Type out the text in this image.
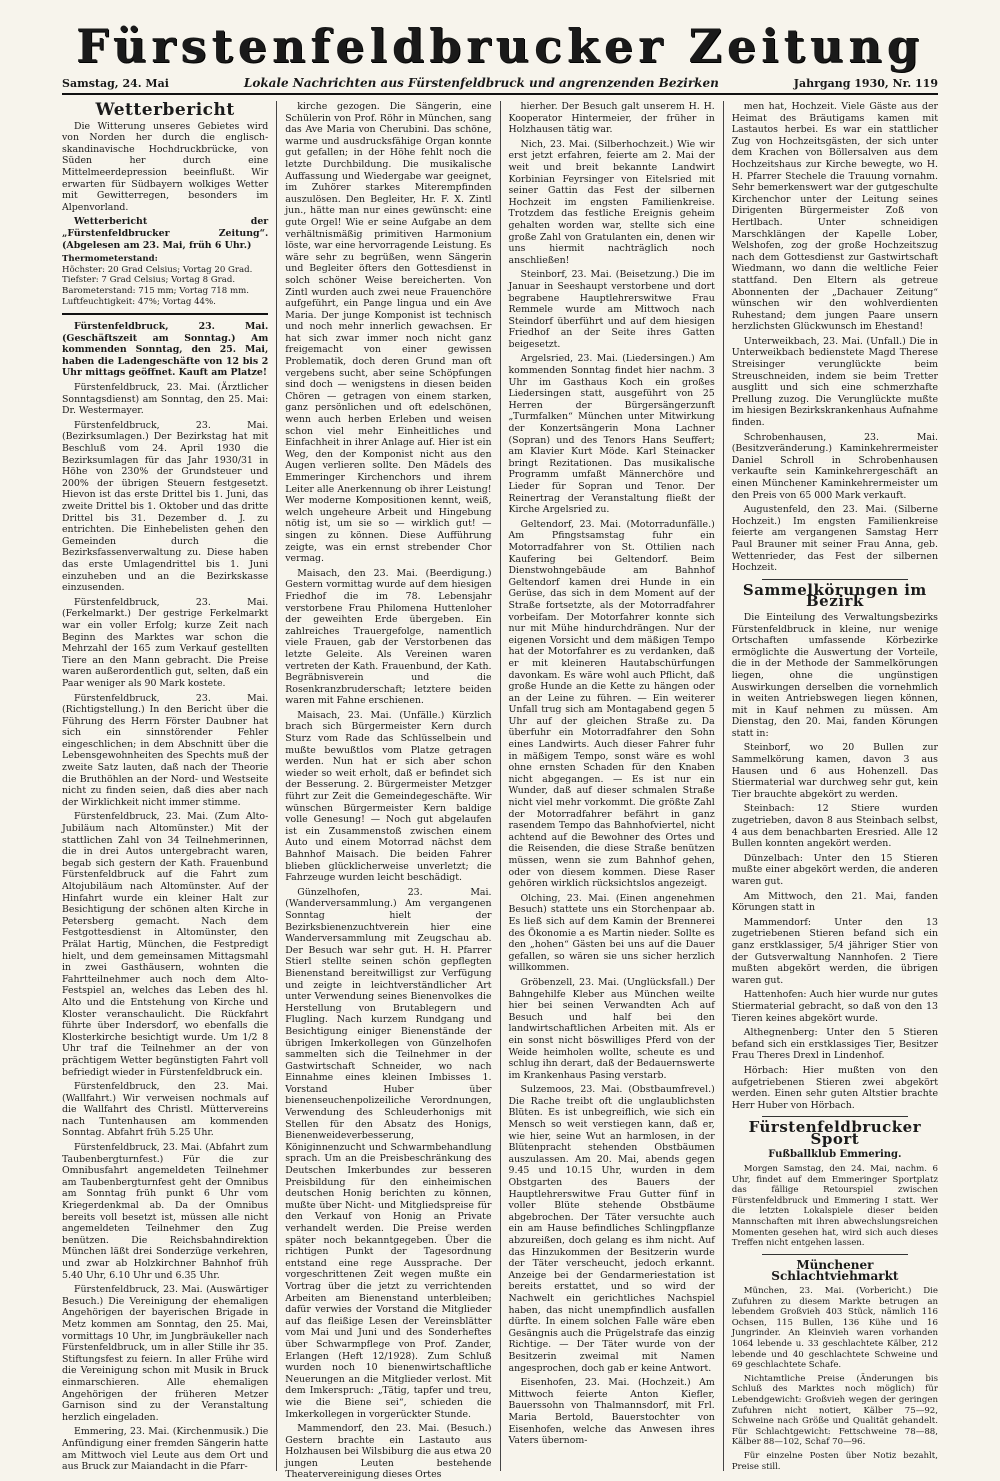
Fürstenfeldbrucker Zeitung
Samstag, 24. Mai	Lokale Nachrichten aus Fürstenfeldbruck und angrenzenden Bezirken	Jahrgang 1930, Nr. 119
Wetterbericht

Die Witterung unseres Gebietes wird von Norden her durch die englisch-skandinavische Hochdruckbrücke, von Süden her durch eine Mittelmeerdepression beeinflußt. Wir erwarten für Südbayern wolkiges Wetter mit Gewitterregen, besonders im Alpenvorland.

Wetterbericht der „Fürstenfeldbrucker Zeitung“. (Abgelesen am 23. Mai, früh 6 Uhr.)

Thermometerstand:
Höchster: 20 Grad Celsius; Vortag 20 Grad.
Tiefster: 7 Grad Celsius; Vortag 8 Grad.
Barometerstand: 715 mm; Vortag 718 mm.
Luftfeuchtigkeit: 47%; Vortag 44%.

Fürstenfeldbruck, 23. Mai. (Geschäftszeit am Sonntag.) Am kommenden Sonntag, den 25. Mai, haben die Ladengeschäfte von 12 bis 2 Uhr mittags geöffnet. Kauft am Platze!

Fürstenfeldbruck, 23. Mai. (Ärztlicher Sonntagsdienst) am Sonntag, den 25. Mai: Dr. Westermayer.

Fürstenfeldbruck, 23. Mai. (Bezirksumlagen.) Der Bezirkstag hat mit Beschluß vom 24. April 1930 die Bezirksumlagen für das Jahr 1930/31 in Höhe von 230% der Grundsteuer und 200% der übrigen Steuern festgesetzt. Hievon ist das erste Drittel bis 1. Juni, das zweite Drittel bis 1. Oktober und das dritte Drittel bis 31. Dezember d. J. zu entrichten. Die Einhebelisten gehen den Gemeinden durch die Bezirksfassenverwaltung zu. Diese haben das erste Umlagendrittel bis 1. Juni einzuheben und an die Bezirkskasse einzusenden.

Fürstenfeldbruck, 23. Mai. (Ferkelmarkt.) Der gestrige Ferkelmarkt war ein voller Erfolg; kurze Zeit nach Beginn des Marktes war schon die Mehrzahl der 165 zum Verkauf gestellten Tiere an den Mann gebracht. Die Preise waren außerordentlich gut, selten, daß ein Paar weniger als 90 Mark kostete.

Fürstenfeldbruck, 23. Mai. (Richtigstellung.) In den Bericht über die Führung des Herrn Förster Daubner hat sich ein sinnstörender Fehler eingeschlichen; in dem Abschnitt über die Lebensgewohnheiten des Spechts muß der zweite Satz lauten, daß nach der Theorie die Bruthöhlen an der Nord- und Westseite nicht zu finden seien, daß dies aber nach der Wirklichkeit nicht immer stimme.

Fürstenfeldbruck, 23. Mai. (Zum Alto-Jubiläum nach Altomünster.) Mit der stattlichen Zahl von 34 Teilnehmerinnen, die in drei Autos untergebracht waren, begab sich gestern der Kath. Frauenbund Fürstenfeldbruck auf die Fahrt zum Altojubiläum nach Altomünster. Auf der Hinfahrt wurde ein kleiner Halt zur Besichtigung der schönen alten Kirche in Petersberg gemacht. Nach dem Festgottesdienst in Altomünster, den Prälat Hartig, München, die Festpredigt hielt, und dem gemeinsamen Mittagsmahl in zwei Gasthäusern, wohnten die Fahrtteilnehmer auch noch dem Alto-Festspiel an, welches das Leben des hl. Alto und die Entstehung von Kirche und Kloster veranschaulicht. Die Rückfahrt führte über Indersdorf, wo ebenfalls die Klosterkirche besichtigt wurde. Um 1/2 8 Uhr traf die Teilnehmer an der von prächtigem Wetter begünstigten Fahrt voll befriedigt wieder in Fürstenfeldbruck ein.

Fürstenfeldbruck, den 23. Mai. (Wallfahrt.) Wir verweisen nochmals auf die Wallfahrt des Christl. Müttervereins nach Tuntenhausen am kommenden Sonntag. Abfahrt früh 5.25 Uhr.

Fürstenfeldbruck, 23. Mai. (Abfahrt zum Taubenbergturnfest.) Für die zur Omnibusfahrt angemeldeten Teilnehmer am Taubenbergturnfest geht der Omnibus am Sonntag früh punkt 6 Uhr vom Kriegerdenkmal ab. Da der Omnibus bereits voll besetzt ist, müssen alle nicht angemeldeten Teilnehmer den Zug benützen. Die Reichsbahndirektion München läßt drei Sonderzüge verkehren, und zwar ab Holzkirchner Bahnhof früh 5.40 Uhr, 6.10 Uhr und 6.35 Uhr.

Fürstenfeldbruck, 23. Mai. (Auswärtiger Besuch.) Die Vereinigung der ehemaligen Angehörigen der bayerischen Brigade in Metz kommen am Sonntag, den 25. Mai, vormittags 10 Uhr, im Jungbräukeller nach Fürstenfeldbruck, um in aller Stille ihr 35. Stiftungsfest zu feiern. In aller Frühe wird die Vereinigung schon mit Musik in Bruck einmarschieren. Alle ehemaligen Angehörigen der früheren Metzer Garnison sind zu der Veranstaltung herzlich eingeladen.

Emmering, 23. Mai. (Kirchenmusik.) Die Anfündigung einer fremden Sängerin hatte am Mittwoch viel Leute aus dem Ort und aus Bruck zur Maiandacht in die Pfarr-

kirche gezogen. Die Sängerin, eine Schülerin von Prof. Röhr in München, sang das Ave Maria von Cherubini. Das schöne, warme und ausdrucksfähige Organ konnte gut gefallen; in der Höhe fehlt noch die letzte Durchbildung. Die musikalische Auffassung und Wiedergabe war geeignet, im Zuhörer starkes Miterempfinden auszulösen. Den Begleiter, Hr. F. X. Zintl jun., hätte man nur eines gewünscht: eine gute Orgel! Wie er seine Aufgabe an dem verhältnismäßig primitiven Harmonium löste, war eine hervorragende Leistung. Es wäre sehr zu begrüßen, wenn Sängerin und Begleiter öfters den Gottesdienst in solch schöner Weise bereicherten. Von Zintl wurden auch zwei neue Frauenchöre aufgeführt, ein Pange lingua und ein Ave Maria. Der junge Komponist ist technisch und noch mehr innerlich gewachsen. Er hat sich zwar immer noch nicht ganz freigemacht von einer gewissen Problematik, doch deren Grund man oft vergebens sucht, aber seine Schöpfungen sind doch — wenigstens in diesen beiden Chören — getragen von einem starken, ganz persönlichen und oft edelschönen, wenn auch herben Erleben und weisen schon viel mehr Einheitliches und Einfachheit in ihrer Anlage auf. Hier ist ein Weg, den der Komponist nicht aus den Augen verlieren sollte. Den Mädels des Emmeringer Kirchenchors und ihrem Leiter alle Anerkennung ob ihrer Leistung! Wer moderne Kompositionen kennt, weiß, welch ungeheure Arbeit und Hingebung nötig ist, um sie so — wirklich gut! — singen zu können. Diese Aufführung zeigte, was ein ernst strebender Chor vermag.

Maisach, den 23. Mai. (Beerdigung.) Gestern vormittag wurde auf dem hiesigen Friedhof die im 78. Lebensjahr verstorbene Frau Philomena Huttenloher der geweihten Erde übergeben. Ein zahlreiches Trauergefolge, namentlich viele Frauen, gab der Verstorbenen das letzte Geleite. Als Vereinen waren vertreten der Kath. Frauenbund, der Kath. Begräbnisverein und die Rosenkranzbruderschaft; letztere beiden waren mit Fahne erschienen.

Maisach, 23. Mai. (Unfälle.) Kürzlich brach sich Bürgermeister Kern durch Sturz vom Rade das Schlüsselbein und mußte bewußtlos vom Platze getragen werden. Nun hat er sich aber schon wieder so weit erholt, daß er befindet sich der Besserung. 2. Bürgermeister Metzger führt zur Zeit die Gemeindegeschäfte. Wir wünschen Bürgermeister Kern baldige volle Genesung! — Noch gut abgelaufen ist ein Zusammenstoß zwischen einem Auto und einem Motorrad nächst dem Bahnhof Maisach. Die beiden Fahrer blieben glücklicherweise unverletzt; die Fahrzeuge wurden leicht beschädigt.

Günzelhofen, 23. Mai. (Wanderversammlung.) Am vergangenen Sonntag hielt der Bezirksbienenzuchtverein hier eine Wanderversammlung mit Zeugschau ab. Der Besuch war sehr gut. H. H. Pfarrer Stierl stellte seinen schön gepflegten Bienenstand bereitwilligst zur Verfügung und zeigte in leichtverständlicher Art unter Verwendung seines Bienenvolkes die Herstellung von Brutablegern und Flugling. Nach kurzem Rundgang und Besichtigung einiger Bienenstände der übrigen Imkerkollegen von Günzelhofen sammelten sich die Teilnehmer in der Gastwirtschaft Schneider, wo nach Einnahme eines kleinen Imbisses 1. Vorstand Huber über bienenseuchenpolizeiliche Verordnungen, Verwendung des Schleuderhonigs mit Stellen für den Absatz des Honigs, Bienenweideverbesserung, Königinnenzucht und Schwarmbehandlung sprach. Um an die Preisbeschränkung des Deutschen Imkerbundes zur besseren Preisbildung für den einheimischen deutschen Honig berichten zu können, mußte über Nicht- und Mitgliedspreise für den Verkauf von Honig an Private verhandelt werden. Die Preise werden später noch bekanntgegeben. Über die richtigen Punkt der Tagesordnung entstand eine rege Aussprache. Der vorgeschrittenen Zeit wegen mußte ein Vortrag über die jetzt zu verrichtenden Arbeiten am Bienenstand unterbleiben; dafür verwies der Vorstand die Mitglieder auf das fleißige Lesen der Vereinsblätter vom Mai und Juni und des Sonderheftes über Schwarmpflege von Prof. Zander, Erlangen (Heft 12/1928). Zum Schluß wurden noch 10 bienenwirtschaftliche Neuerungen an die Mitglieder verlost. Mit dem Imkerspruch: „Tätig, tapfer und treu, wie die Biene sei“, schieden die Imkerkollegen in vorgerückter Stunde.

Mammendorf, den 23. Mai. (Besuch.) Gestern brachte ein Lastauto aus Holzhausen bei Wilsbiburg die aus etwa 20 jungen Leuten bestehende Theatervereinigung dieses Ortes

hierher. Der Besuch galt unserem H. H. Kooperator Hintermeier, der früher in Holzhausen tätig war.

Nich, 23. Mai. (Silberhochzeit.) Wie wir erst jetzt erfahren, feierte am 2. Mai der weit und breit bekannte Landwirt Korbinian Feyrsinger von Eitelsried mit seiner Gattin das Fest der silbernen Hochzeit im engsten Familienkreise. Trotzdem das festliche Ereignis geheim gehalten worden war, stellte sich eine große Zahl von Gratulanten ein, denen wir uns hiermit nachträglich noch anschließen!

Steinborf, 23. Mai. (Beisetzung.) Die im Januar in Seeshaupt verstorbene und dort begrabene Hauptlehrerswitwe Frau Remmele wurde am Mittwoch nach Steindorf überführt und auf dem hiesigen Friedhof an der Seite ihres Gatten beigesetzt.

Argelsried, 23. Mai. (Liedersingen.) Am kommenden Sonntag findet hier nachm. 3 Uhr im Gasthaus Koch ein großes Liedersingen statt, ausgeführt von 25 Herren der Bürgersängerzunft „Turmfalken“ München unter Mitwirkung der Konzertsängerin Mona Lachner (Sopran) und des Tenors Hans Seuffert; am Klavier Kurt Möde. Karl Steinacker bringt Rezitationen. Das musikalische Programm umfaßt Männerchöre und Lieder für Sopran und Tenor. Der Reinertrag der Veranstaltung fließt der Kirche Argelsried zu.

Geltendorf, 23. Mai. (Motorradunfälle.) Am Pfingstsamstag fuhr ein Motorradfahrer von St. Ottilien nach Kaufering bei Geltendorf. Beim Dienstwohngebäude am Bahnhof Geltendorf kamen drei Hunde in ein Gerüse, das sich in dem Moment auf der Straße fortsetzte, als der Motorradfahrer vorbeifam. Der Motorfahrer konnte sich nur mit Mühe hindurchdrängen. Nur der eigenen Vorsicht und dem mäßigen Tempo hat der Motorfahrer es zu verdanken, daß er mit kleineren Hautabschürfungen davonkam. Es wäre wohl auch Pflicht, daß große Hunde an die Kette zu hängen oder an der Leine zu führen. — Ein weiterer Unfall trug sich am Montagabend gegen 5 Uhr auf der gleichen Straße zu. Da überfuhr ein Motorradfahrer den Sohn eines Landwirts. Auch dieser Fahrer fuhr in mäßigem Tempo, sonst wäre es wohl ohne ernsten Schaden für den Knaben nicht abgegangen. — Es ist nur ein Wunder, daß auf dieser schmalen Straße nicht viel mehr vorkommt. Die größte Zahl der Motorradfahrer befährt in ganz rasendem Tempo das Bahnhofviertel, nicht achtend auf die Bewohner des Ortes und die Reisenden, die diese Straße benützen müssen, wenn sie zum Bahnhof gehen, oder von diesem kommen. Diese Raser gehören wirklich rücksichtslos angezeigt.

Olching, 23. Mai. (Einen angenehmen Besuch) stattete uns ein Storchenpaar ab. Es ließ sich auf dem Kamin der Brennerei des Ökonomie a es Martin nieder. Sollte es den „hohen“ Gästen bei uns auf die Dauer gefallen, so wären sie uns sicher herzlich willkommen.

Gröbenzell, 23. Mai. (Unglücksfall.) Der Bahngehilfe Kleber aus München weilte hier bei seinen Verwandten Ach auf Besuch und half bei den landwirtschaftlichen Arbeiten mit. Als er ein sonst nicht böswilliges Pferd von der Weide heimholen wollte, scheute es und schlug ihn derart, daß der Bedauernswerte im Krankenhaus Pasing verstarb.

Sulzemoos, 23. Mai. (Obstbaumfrevel.) Die Rache treibt oft die unglaublichsten Blüten. Es ist unbegreiflich, wie sich ein Mensch so weit verstiegen kann, daß er, wie hier, seine Wut an harmlosen, in der Blütenpracht stehenden Obstbäumen auszulassen. Am 20. Mai, abends gegen 9.45 und 10.15 Uhr, wurden in dem Obstgarten des Bauers der Hauptlehrerswitwe Frau Gutter fünf in voller Blüte stehende Obstbäume abgebrochen. Der Täter versuchte auch ein am Hause befindliches Schlingpflanze abzureißen, doch gelang es ihm nicht. Auf das Hinzukommen der Besitzerin wurde der Täter verscheucht, jedoch erkannt. Anzeige bei der Gendarmeriestation ist bereits erstattet, und so wird der Nachwelt ein gerichtliches Nachspiel haben, das nicht unempfindlich ausfallen dürfte. In einem solchen Falle wäre eben Gesängnis auch die Prügelstrafe das einzig Richtige. — Der Täter wurde von der Besitzerin zweimal mit Namen angesprochen, doch gab er keine Antwort.

Eisenhofen, 23. Mai. (Hochzeit.) Am Mittwoch feierte Anton Kiefler, Bauerssohn von Thalmannsdorf, mit Frl. Maria Bertold, Bauerstochter von Eisenhofen, welche das Anwesen ihres Vaters übernom-

men hat, Hochzeit. Viele Gäste aus der Heimat des Bräutigams kamen mit Lastautos herbei. Es war ein stattlicher Zug von Hochzeitsgästen, der sich unter dem Krachen von Böllersalven aus dem Hochzeitshaus zur Kirche bewegte, wo H. H. Pfarrer Stechele die Trauung vornahm. Sehr bemerkenswert war der gutgeschulte Kirchenchor unter der Leitung seines Dirigenten Bürgermeister Zoß von Hertlbach. Unter schneidigen Marschklängen der Kapelle Lober, Welshofen, zog der große Hochzeitszug nach dem Gottesdienst zur Gastwirtschaft Wiedmann, wo dann die weltliche Feier stattfand. Den Eltern als getreue Abonnenten der „Dachauer Zeitung“ wünschen wir den wohlverdienten Ruhestand; dem jungen Paare unsern herzlichsten Glückwunsch im Ehestand!

Unterweikbach, 23. Mai. (Unfall.) Die in Unterweikbach bedienstete Magd Therese Streisinger verunglückte beim Streuschneiden, indem sie beim Tretter ausglitt und sich eine schmerzhafte Prellung zuzog. Die Verunglückte mußte im hiesigen Bezirkskrankenhaus Aufnahme finden.

Schrobenhausen, 23. Mai. (Besitzveränderung.) Kaminkehrermeister Daniel Schroll in Schrobenhausen verkaufte sein Kaminkehrergeschäft an einen Münchener Kaminkehrermeister um den Preis von 65 000 Mark verkauft.

Augustenfeld, den 23. Mai. (Silberne Hochzeit.) Im engsten Familienkreise feierte am vergangenen Samstag Herr Paul Brauner mit seiner Frau Anna, geb. Wettenrieder, das Fest der silbernen Hochzeit.

Sammelkörungen im Bezirk

Die Einteilung des Verwaltungsbezirks Fürstenfeldbruck in kleine, nur wenige Ortschaften umfassende Körbezirke ermöglichte die Auswertung der Vorteile, die in der Methode der Sammelkörungen liegen, ohne die ungünstigen Auswirkungen derselben die vornehmlich in weiten Antriebswegen liegen können, mit in Kauf nehmen zu müssen. Am Dienstag, den 20. Mai, fanden Körungen statt in:

Steinborf, wo 20 Bullen zur Sammelkörung kamen, davon 3 aus Hausen und 6 aus Hohenzell. Das Stiermaterial war durchweg sehr gut, kein Tier brauchte abgekört zu werden.

Steinbach: 12 Stiere wurden zugetrieben, davon 8 aus Steinbach selbst, 4 aus dem benachbarten Eresried. Alle 12 Bullen konnten angekört werden.

Dünzelbach: Unter den 15 Stieren mußte einer abgekört werden, die anderen waren gut.

Am Mittwoch, den 21. Mai, fanden Körungen statt in

Mammendorf: Unter den 13 zugetriebenen Stieren befand sich ein ganz erstklassiger, 5/4 jähriger Stier von der Gutsverwaltung Nannhofen. 2 Tiere mußten abgekört werden, die übrigen waren gut.

Hattenhofen: Auch hier wurde nur gutes Stiermaterial gebracht, so daß von den 13 Tieren keines abgekört wurde.

Althegnenberg: Unter den 5 Stieren befand sich ein erstklassiges Tier, Besitzer Frau Theres Drexl in Lindenhof.

Hörbach: Hier mußten von den aufgetriebenen Stieren zwei abgekört werden. Einen sehr guten Altstier brachte Herr Huber von Hörbach.

Fürstenfeldbrucker Sport
Fußballklub Emmering.

Morgen Samstag, den 24. Mai, nachm. 6 Uhr, findet auf dem Emmeringer Sportplatz das fällige Retourspiel zwischen Fürstenfeldbruck und Emmering I statt. Wer die letzten Lokalspiele dieser beiden Mannschaften mit ihren abwechslungsreichen Momenten gesehen hat, wird sich auch dieses Treffen nicht entgehen lassen.

Münchener Schlachtviehmarkt

München, 23. Mai. (Vorbericht.) Die Zufuhren zu diesem Markte betrugen an lebendem Großvieh 403 Stück, nämlich 116 Ochsen, 115 Bullen, 136 Kühe und 16 Jungrinder. An Kleinvieh waren vorhanden 1064 lebende u. 33 geschlachtete Kälber, 212 lebende und 40 geschlachtete Schweine und 69 geschlachtete Schafe.

Nichtamtliche Preise (Änderungen bis Schluß des Marktes noch möglich) für Lebendgewicht: Großvieh wegen der geringen Zufuhren nicht notiert, Kälber 75—92, Schweine nach Größe und Qualität gehandelt. Für Schlachtgewicht: Fettschweine 78—88, Kälber 88—102, Schaf 70—96.

Für einzelne Posten über Notiz bezahlt, Preise still.
